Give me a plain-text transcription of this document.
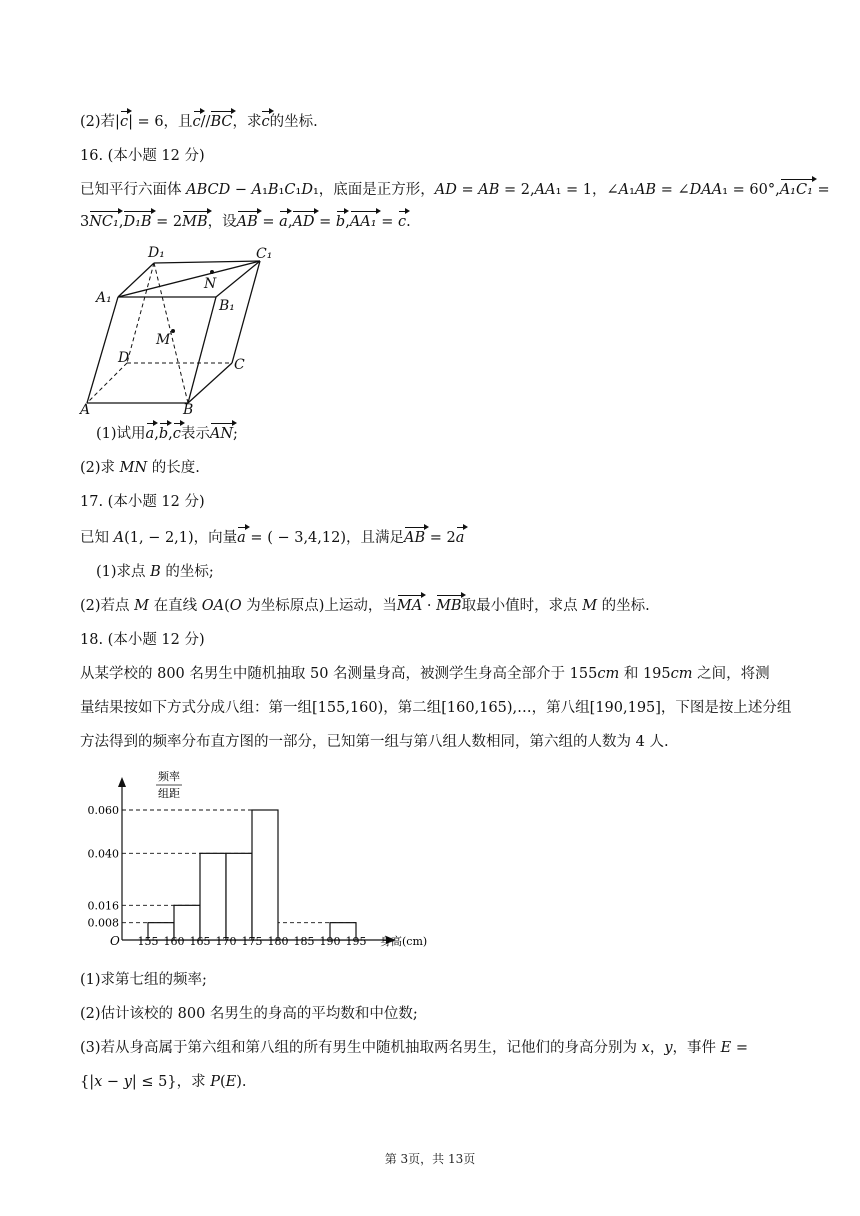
(2)若|c| = 6，且c//BC，求c的坐标.
16. (本小题 12 分)
已知平行六面体 ABCD − A₁B₁C₁D₁，底面是正方形，AD = AB = 2,AA₁ = 1，∠A₁AB = ∠DAA₁ = 60°,A₁C₁ =
3NC₁,D₁B = 2MB，设AB = a,AD = b,AA₁ = c.
D₁	C₁
A₁	B₁
N
M
D	C
A	B
(1)试用a,b,c表示AN;
(2)求 MN 的长度.
17. (本小题 12 分)
已知 A(1, − 2,1)，向量a = ( − 3,4,12)，且满足AB = 2a
(1)求点 B 的坐标;
(2)若点 M 在直线 OA(O 为坐标原点)上运动，当MA · MB取最小值时，求点 M 的坐标.
18. (本小题 12 分)
从某学校的 800 名男生中随机抽取 50 名测量身高，被测学生身高全部介于 155cm 和 195cm 之间，将测
量结果按如下方式分成八组：第一组[155,160)，第二组[160,165),…，第八组[190,195]，下图是按上述分组
方法得到的频率分布直方图的一部分，已知第一组与第八组人数相同，第六组的人数为 4 人.
频率
组距
O	身高(cm)
0.008
0.016
0.040
0.060
155 160 165 170 175 180 185 190 195
(1)求第七组的频率;
(2)估计该校的 800 名男生的身高的平均数和中位数;
(3)若从身高属于第六组和第八组的所有男生中随机抽取两名男生，记他们的身高分别为 x，y，事件 E =
{|x − y| ≤ 5}，求 P(E).
第 3页，共 13页
